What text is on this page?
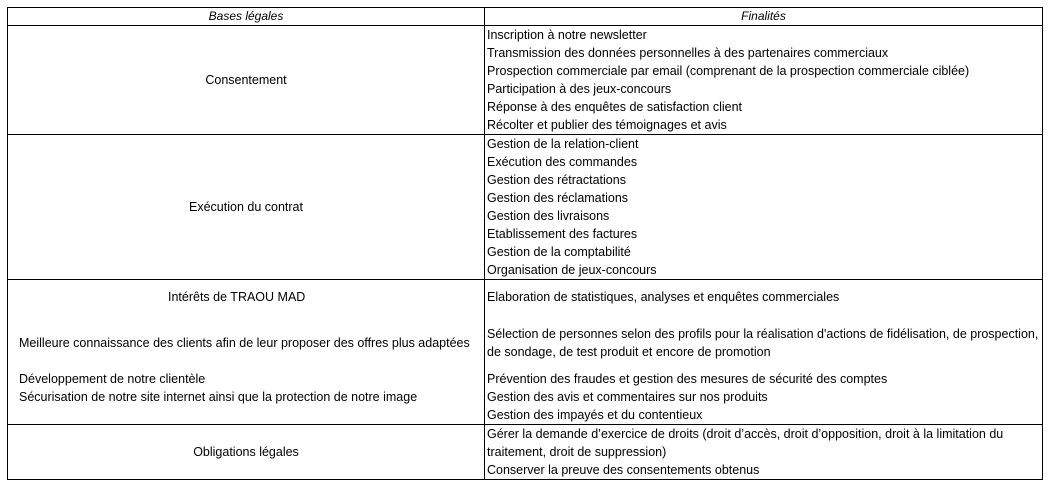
Bases légales	Finalités
Consentement
Inscription à notre newsletter
Transmission des données personnelles à des partenaires commerciaux
Prospection commerciale par email (comprenant de la prospection commerciale ciblée)
Participation à des jeux-concours
Réponse à des enquêtes de satisfaction client
Récolter et publier des témoignages et avis
Exécution du contrat
Gestion de la relation-client
Exécution des commandes
Gestion des rétractations
Gestion des réclamations
Gestion des livraisons
Etablissement des factures
Gestion de la comptabilité
Organisation de jeux-concours
Intérêts de TRAOU MAD
Meilleure connaissance des clients afin de leur proposer des offres plus adaptées
Développement de notre clientèle
Sécurisation de notre site internet ainsi que la protection de notre image
Elaboration de statistiques, analyses et enquêtes commerciales
Sélection de personnes selon des profils pour la réalisation d'actions de fidélisation, de prospection,
de sondage, de test produit et encore de promotion
Prévention des fraudes et gestion des mesures de sécurité des comptes
Gestion des avis et commentaires sur nos produits
Gestion des impayés et du contentieux
Obligations légales
Gérer la demande d’exercice de droits (droit d’accès, droit d’opposition, droit à la limitation du
traitement, droit de suppression)
Conserver la preuve des consentements obtenus
